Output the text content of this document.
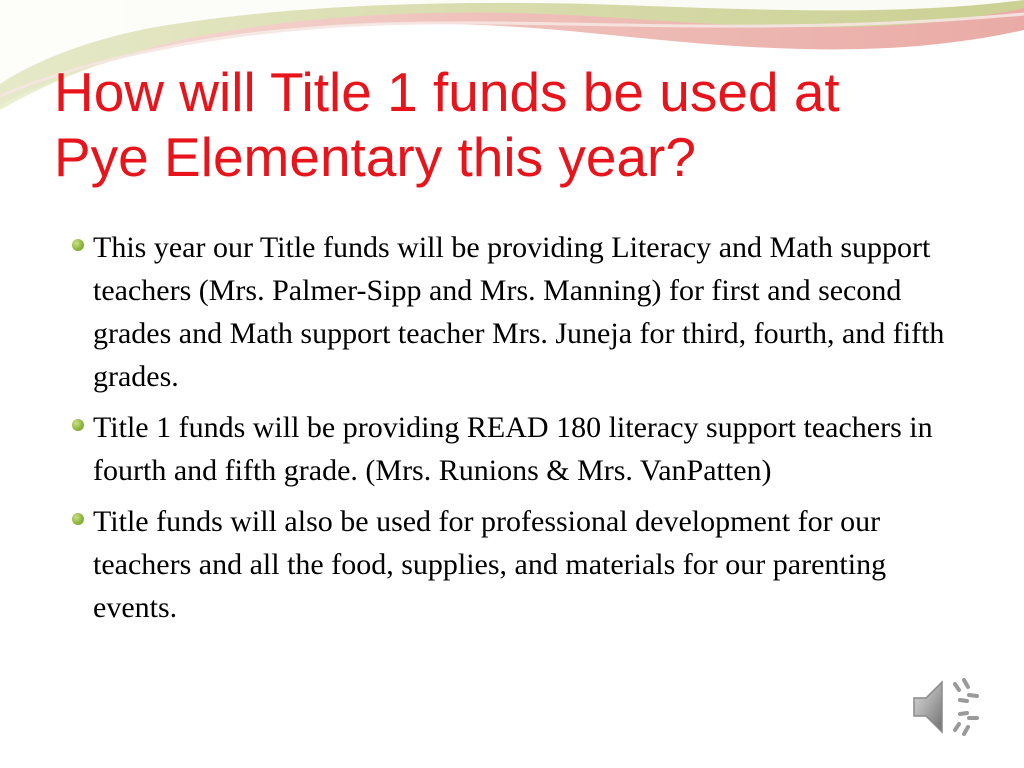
How will Title 1 funds be used at
Pye Elementary this year?
This year our Title funds will be providing Literacy and Math support teachers (Mrs. Palmer-Sipp and Mrs. Manning) for first and second grades and Math support teacher Mrs. Juneja for third, fourth, and fifth grades.
Title 1 funds will be providing READ 180 literacy support teachers in fourth and fifth grade. (Mrs. Runions & Mrs. VanPatten)
Title funds will also be used for professional development for our teachers and all the food, supplies, and materials for our parenting events.
